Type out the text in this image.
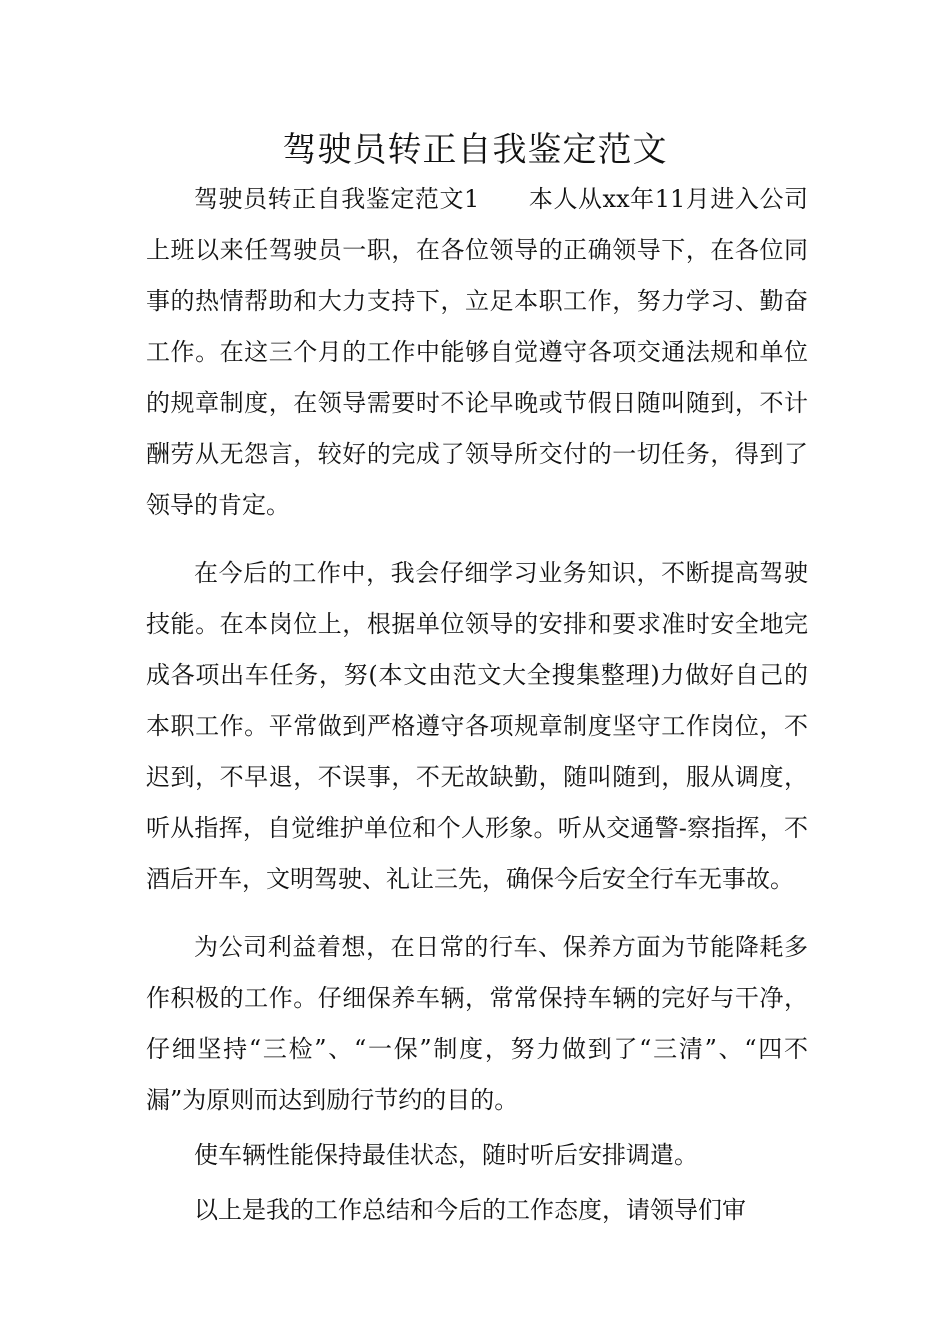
驾驶员转正自我鉴定范文

驾驶员转正自我鉴定范文1　　本人从xx年11月进入公司上班以来任驾驶员一职，在各位领导的正确领导下，在各位同事的热情帮助和大力支持下，立足本职工作，努力学习、勤奋工作。在这三个月的工作中能够自觉遵守各项交通法规和单位的规章制度，在领导需要时不论早晚或节假日随叫随到，不计酬劳从无怨言，较好的完成了领导所交付的一切任务，得到了领导的肯定。

在今后的工作中，我会仔细学习业务知识，不断提高驾驶技能。在本岗位上，根据单位领导的安排和要求准时安全地完成各项出车任务，努(本文由范文大全搜集整理)力做好自己的本职工作。平常做到严格遵守各项规章制度坚守工作岗位，不迟到，不早退，不误事，不无故缺勤，随叫随到，服从调度，听从指挥，自觉维护单位和个人形象。听从交通警-察指挥，不酒后开车，文明驾驶、礼让三先，确保今后安全行车无事故。

为公司利益着想，在日常的行车、保养方面为节能降耗多作积极的工作。仔细保养车辆，常常保持车辆的完好与干净，仔细坚持“三检”、“一保”制度，努力做到了“三清”、“四不漏”为原则而达到励行节约的目的。

使车辆性能保持最佳状态，随时听后安排调遣。

以上是我的工作总结和今后的工作态度，请领导们审
